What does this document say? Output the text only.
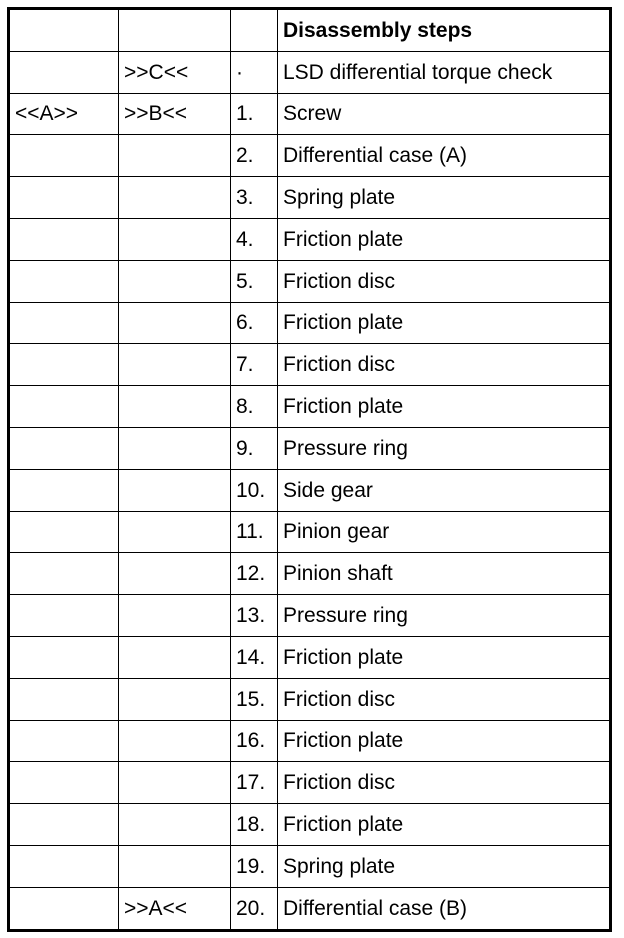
			Disassembly steps
	>>C<<	·	LSD differential torque check
<<A>>	>>B<<	1.	Screw
		2.	Differential case (A)
		3.	Spring plate
		4.	Friction plate
		5.	Friction disc
		6.	Friction plate
		7.	Friction disc
		8.	Friction plate
		9.	Pressure ring
		10.	Side gear
		11.	Pinion gear
		12.	Pinion shaft
		13.	Pressure ring
		14.	Friction plate
		15.	Friction disc
		16.	Friction plate
		17.	Friction disc
		18.	Friction plate
		19.	Spring plate
	>>A<<	20.	Differential case (B)
